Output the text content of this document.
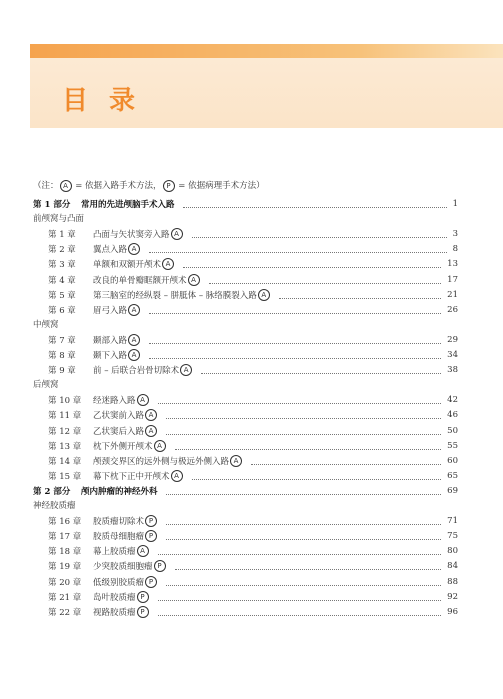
目 录
（注： A = 依据入路手术方法， P = 依据病理手术方法）
第 1 部分	常用的先进颅脑手术入路	1
前颅窝与凸面
第 1 章	凸面与矢状窦旁入路 A	3
第 2 章	翼点入路 A	8
第 3 章	单额和双额开颅术 A	13
第 4 章	改良的单骨瓣眶额开颅术 A	17
第 5 章	第三脑室的经纵裂 – 胼胝体 – 脉络膜裂入路 A	21
第 6 章	眉弓入路 A	26
中颅窝
第 7 章	颞部入路 A	29
第 8 章	颞下入路 A	34
第 9 章	前 – 后联合岩骨切除术 A	38
后颅窝
第 10 章	经迷路入路 A	42
第 11 章	乙状窦前入路 A	46
第 12 章	乙状窦后入路 A	50
第 13 章	枕下外侧开颅术 A	55
第 14 章	颅颈交界区的远外侧与极远外侧入路 A	60
第 15 章	幕下枕下正中开颅术 A	65
第 2 部分	颅内肿瘤的神经外科	69
神经胶质瘤
第 16 章	胶质瘤切除术 P	71
第 17 章	胶质母细胞瘤 P	75
第 18 章	幕上胶质瘤 A	80
第 19 章	少突胶质细胞瘤 P	84
第 20 章	低级别胶质瘤 P	88
第 21 章	岛叶胶质瘤 P	92
第 22 章	视路胶质瘤 P	96
